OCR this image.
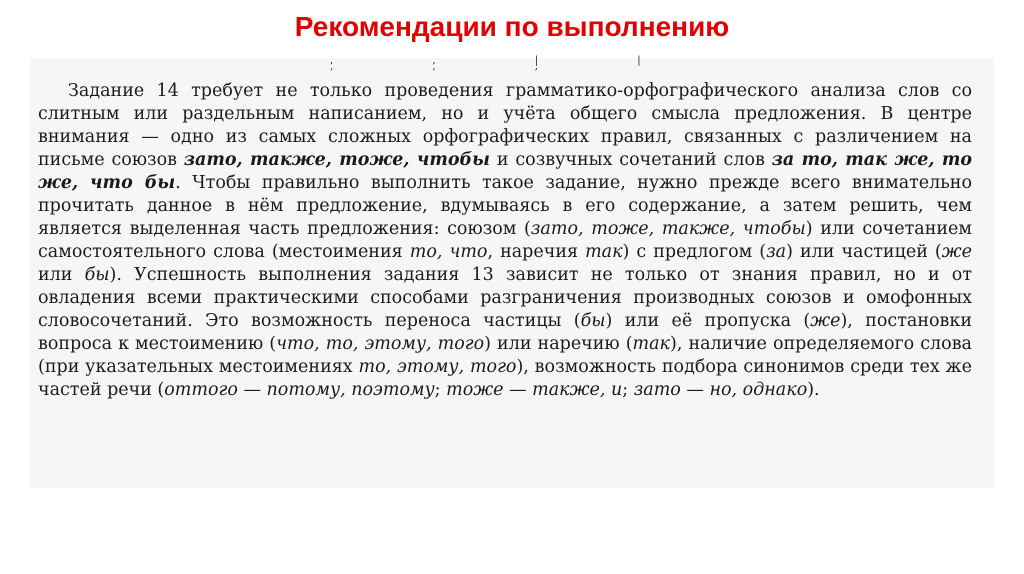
Рекомендации по выполнению
, , | | , , ,

Задание 14 требует не только проведения грамматико-орфографического анализа слов со слитным или раздельным написанием, но и учёта общего смысла предложения. В центре внимания — одно из самых сложных орфографических правил, связанных с различением на письме союзов зато, также, тоже, чтобы и созвучных сочетаний слов за то, так же, то же, что бы. Чтобы правильно выполнить такое задание, нужно прежде всего внимательно прочитать данное в нём предложение, вдумываясь в его содержание, а затем решить, чем является выделенная часть предложения: союзом (зато, тоже, также, чтобы) или сочетанием самостоятельного слова (местоимения то, что, наречия так) с предлогом (за) или частицей (же или бы). Успешность выполнения задания 13 зависит не только от знания правил, но и от овладения всеми практическими способами разграничения производных союзов и омофонных словосочетаний. Это возможность переноса частицы (бы) или её пропуска (же), постановки вопроса к местоимению (что, то, этому, того) или наречию (так), наличие определяемого слова (при указательных местоимениях то, этому, того), возможность подбора синонимов среди тех же частей речи (оттого — потому, поэтому; тоже — также, и; зато — но, однако).
